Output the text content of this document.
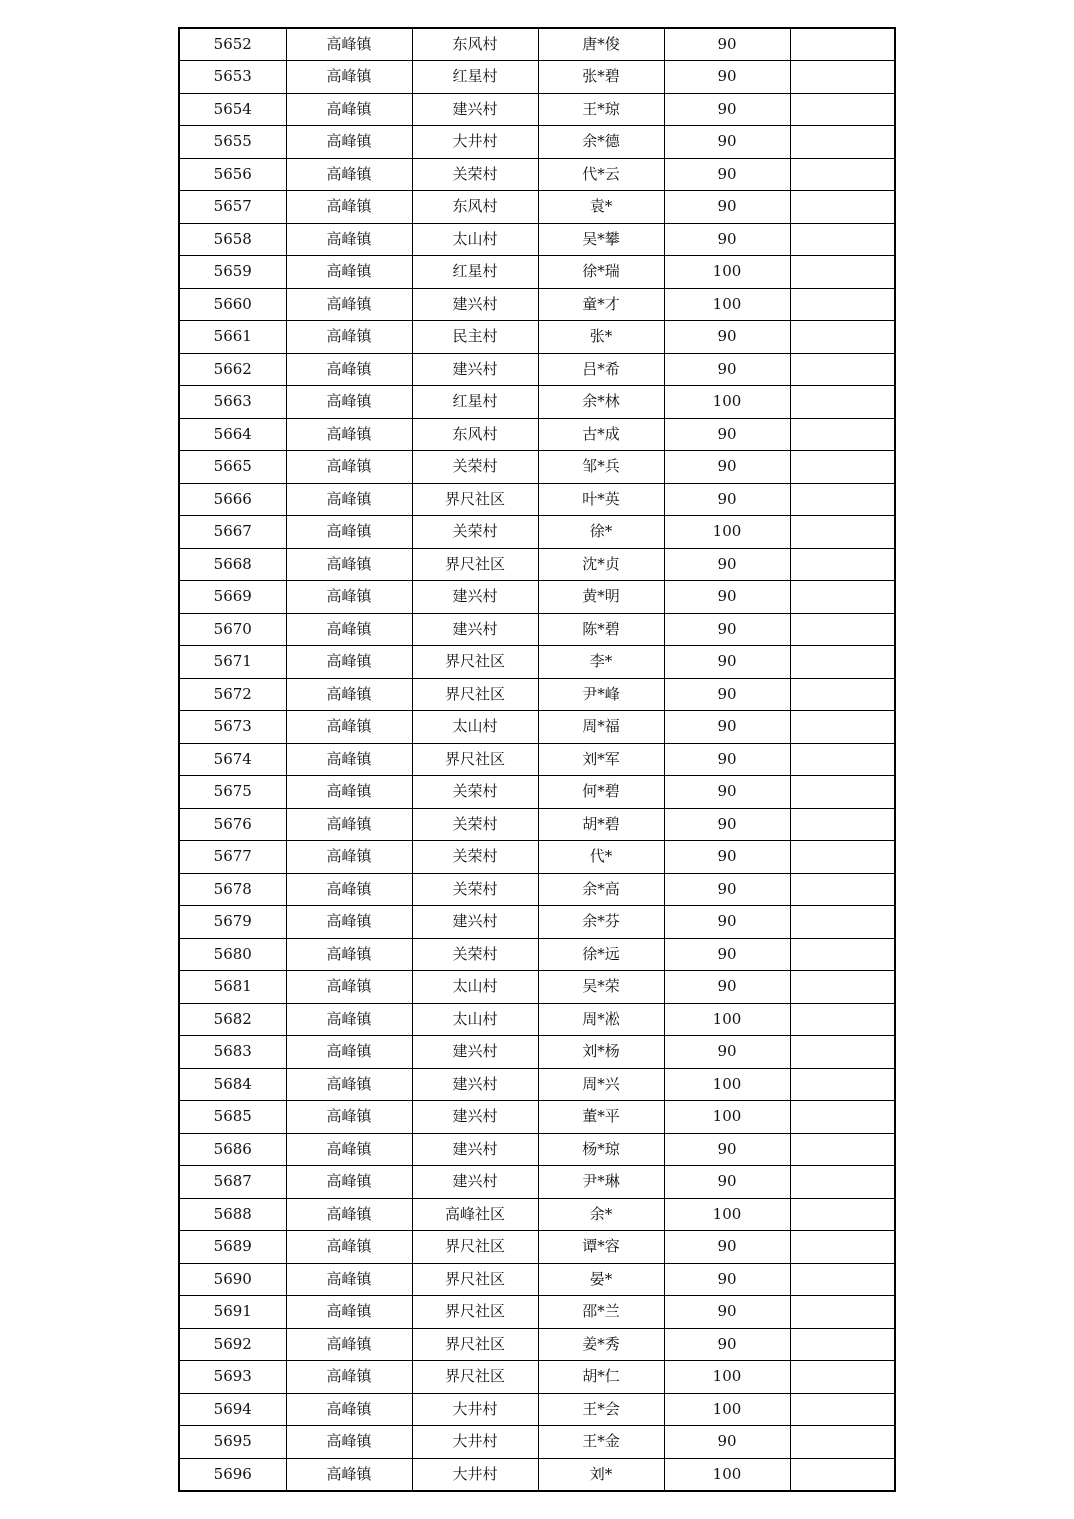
5652	高峰镇	东风村	唐*俊	90	
5653	高峰镇	红星村	张*碧	90	
5654	高峰镇	建兴村	王*琼	90	
5655	高峰镇	大井村	余*德	90	
5656	高峰镇	关荣村	代*云	90	
5657	高峰镇	东风村	袁*	90	
5658	高峰镇	太山村	吴*攀	90	
5659	高峰镇	红星村	徐*瑞	100	
5660	高峰镇	建兴村	童*才	100	
5661	高峰镇	民主村	张*	90	
5662	高峰镇	建兴村	吕*希	90	
5663	高峰镇	红星村	余*林	100	
5664	高峰镇	东风村	古*成	90	
5665	高峰镇	关荣村	邹*兵	90	
5666	高峰镇	界尺社区	叶*英	90	
5667	高峰镇	关荣村	徐*	100	
5668	高峰镇	界尺社区	沈*贞	90	
5669	高峰镇	建兴村	黄*明	90	
5670	高峰镇	建兴村	陈*碧	90	
5671	高峰镇	界尺社区	李*	90	
5672	高峰镇	界尺社区	尹*峰	90	
5673	高峰镇	太山村	周*福	90	
5674	高峰镇	界尺社区	刘*军	90	
5675	高峰镇	关荣村	何*碧	90	
5676	高峰镇	关荣村	胡*碧	90	
5677	高峰镇	关荣村	代*	90	
5678	高峰镇	关荣村	余*高	90	
5679	高峰镇	建兴村	余*芬	90	
5680	高峰镇	关荣村	徐*远	90	
5681	高峰镇	太山村	吴*荣	90	
5682	高峰镇	太山村	周*凇	100	
5683	高峰镇	建兴村	刘*杨	90	
5684	高峰镇	建兴村	周*兴	100	
5685	高峰镇	建兴村	董*平	100	
5686	高峰镇	建兴村	杨*琼	90	
5687	高峰镇	建兴村	尹*琳	90	
5688	高峰镇	高峰社区	余*	100	
5689	高峰镇	界尺社区	谭*容	90	
5690	高峰镇	界尺社区	晏*	90	
5691	高峰镇	界尺社区	邵*兰	90	
5692	高峰镇	界尺社区	姜*秀	90	
5693	高峰镇	界尺社区	胡*仁	100	
5694	高峰镇	大井村	王*会	100	
5695	高峰镇	大井村	王*金	90	
5696	高峰镇	大井村	刘*	100	
